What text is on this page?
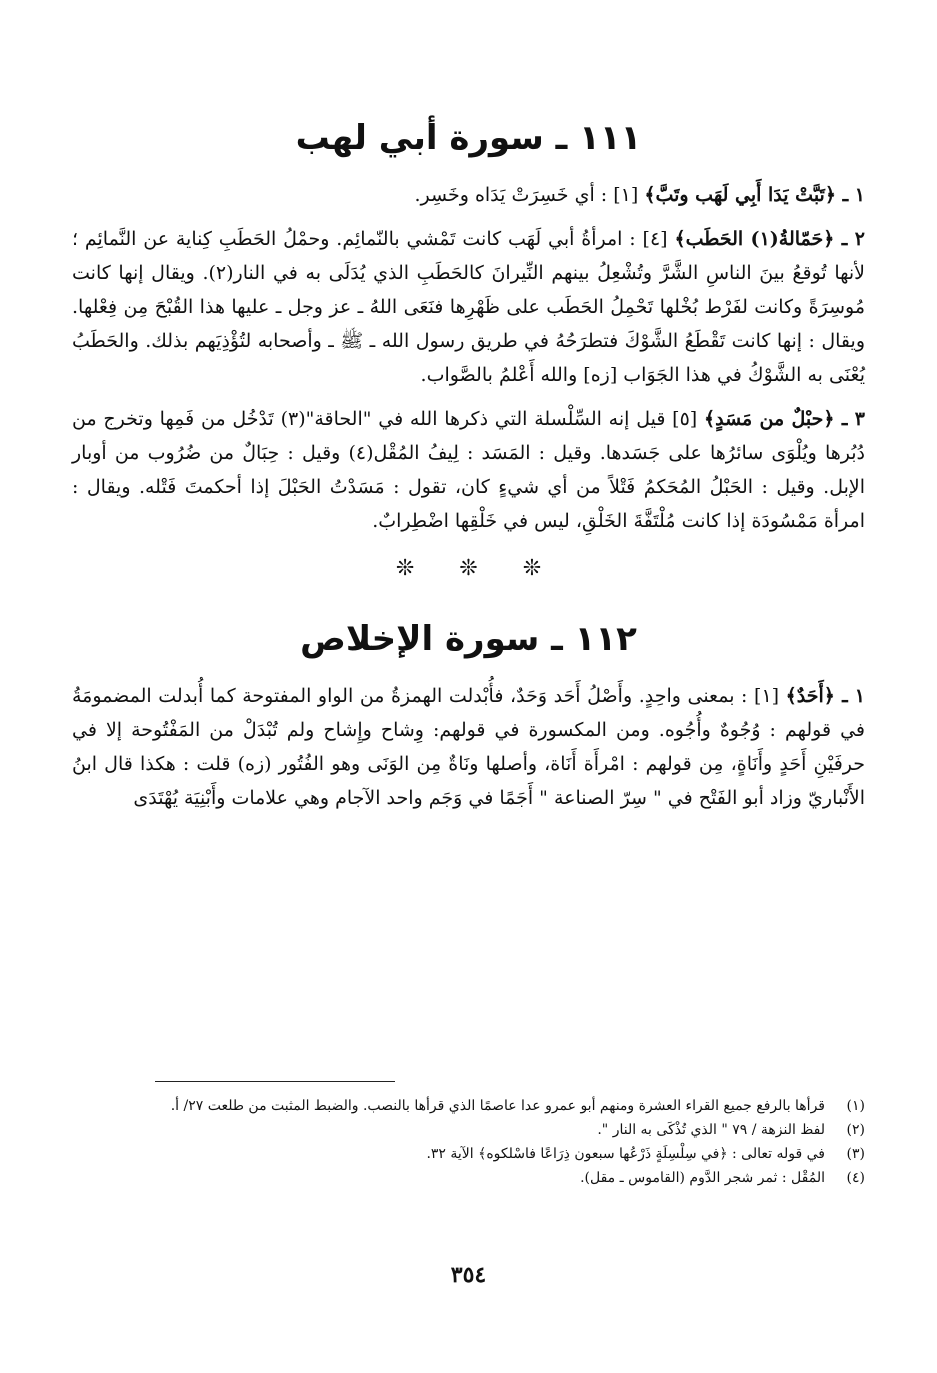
١١١ ـ سورة أبي لهب

١ ـ ﴿تَبَّتْ يَدَا أَبِي لَهَب وتَبَّ﴾ [١] : أي خَسِرَتْ يَدَاه وخَسِر.

٢ ـ ﴿حَمّالةُ(١) الحَطَب﴾ [٤] : امرأةُ أبي لَهَب كانت تَمْشي بالنّمائِم. وحمْلُ الحَطَبِ كِناية عن النَّمائِم ؛ لأنها تُوقعُ بينَ الناسِ الشَّرَّ وتُشْعِلُ بينهم النِّيرانَ كالحَطَبِ الذي يُدَلَى به في النار(٢). ويقال إنها كانت مُوسِرَةً وكانت لفَرْط بُخْلها تَحْمِلُ الحَطَب على ظَهْرِها فنَعَى اللهُ ـ عز وجل ـ عليها هذا القُبْحَ مِن فِعْلها. ويقال : إنها كانت تَقْطَعُ الشَّوْكَ فتطرَحُهُ في طريق رسول الله ـ ﷺ ـ وأصحابه لتُؤْذِيَهم بذلك. والحَطَبُ يُعْنَى به الشَّوْكُ في هذا الجَوَاب [زه] والله أَعْلمُ بالصَّواب.

٣ ـ ﴿حبْلٌ من مَسَدٍ﴾ [٥] قيل إنه السِّلْسلة التي ذكرها الله في "الحاقة"(٣) تَدْخُل من فَمِها وتخرج من دُبُرها ويُلْوَى سائرُها على جَسَدها. وقيل : المَسَد : لِيفُ المُقْل(٤) وقيل : حِبَالٌ من ضُرُوب من أوبار الإبل. وقيل : الحَبْلُ المُحَكمُ فَتْلاً من أي شيءٍ كان، تقول : مَسَدْتُ الحَبْلَ إذا أحكمتَ فَتْله. ويقال : امرأة مَمْسُودَة إذا كانت مُلْتَفَّةَ الخَلْقِ، ليس في خَلْقِها اضْطِرابٌ.

❊ ❊ ❊
١١٢ ـ سورة الإخلاص

١ ـ ﴿أَحَدٌ﴾ [١] : بمعنى واحِدٍ. وأَصْلُ أَحَد وَحَدٌ، فأُبْدلت الهمزةُ من الواو المفتوحة كما أُبدلت المضمومَةُ في قولهم : وُجُوهٌ وأُجُوه. ومن المكسورة في قولهم: وِشاح وإِشاح ولم تُبْدَلْ من المَفْتُوحة إلا في حرفَيْنِ أَحَدٍ وأَنَاةٍ، مِن قولهم : امْرأَة أَنَاة، وأصلها ونَاةٌ مِن الوَنَى وهو الفُتُور (زه) قلت : هكذا قال ابنُ الأَنْباريّ وزاد أبو الفَتْح في " سِرّ الصناعة " أَجَمًا في وَجَم واحد الآجام وهي علامات وأَبْنِيَة يُهْتَدَى

(١)
قرأها بالرفع جميع القراء العشرة ومنهم أبو عمرو عدا عاصمًا الذي قرأها بالنصب. والضبط المثبت من طلعت ٢٧/ أ.
(٢)
لفظ النزهة / ٧٩ " الذي تُذْكَى به النار ".
(٣)
في قوله تعالى : ﴿في سِلْسِلَةٍ ذَرْعُها سبعون ذِرَاعًا فاسْلكوه﴾ الآية ٣٢.
(٤)
المُقْل : ثمر شجر الدَّوم (القاموس ـ مقل).
٣٥٤
